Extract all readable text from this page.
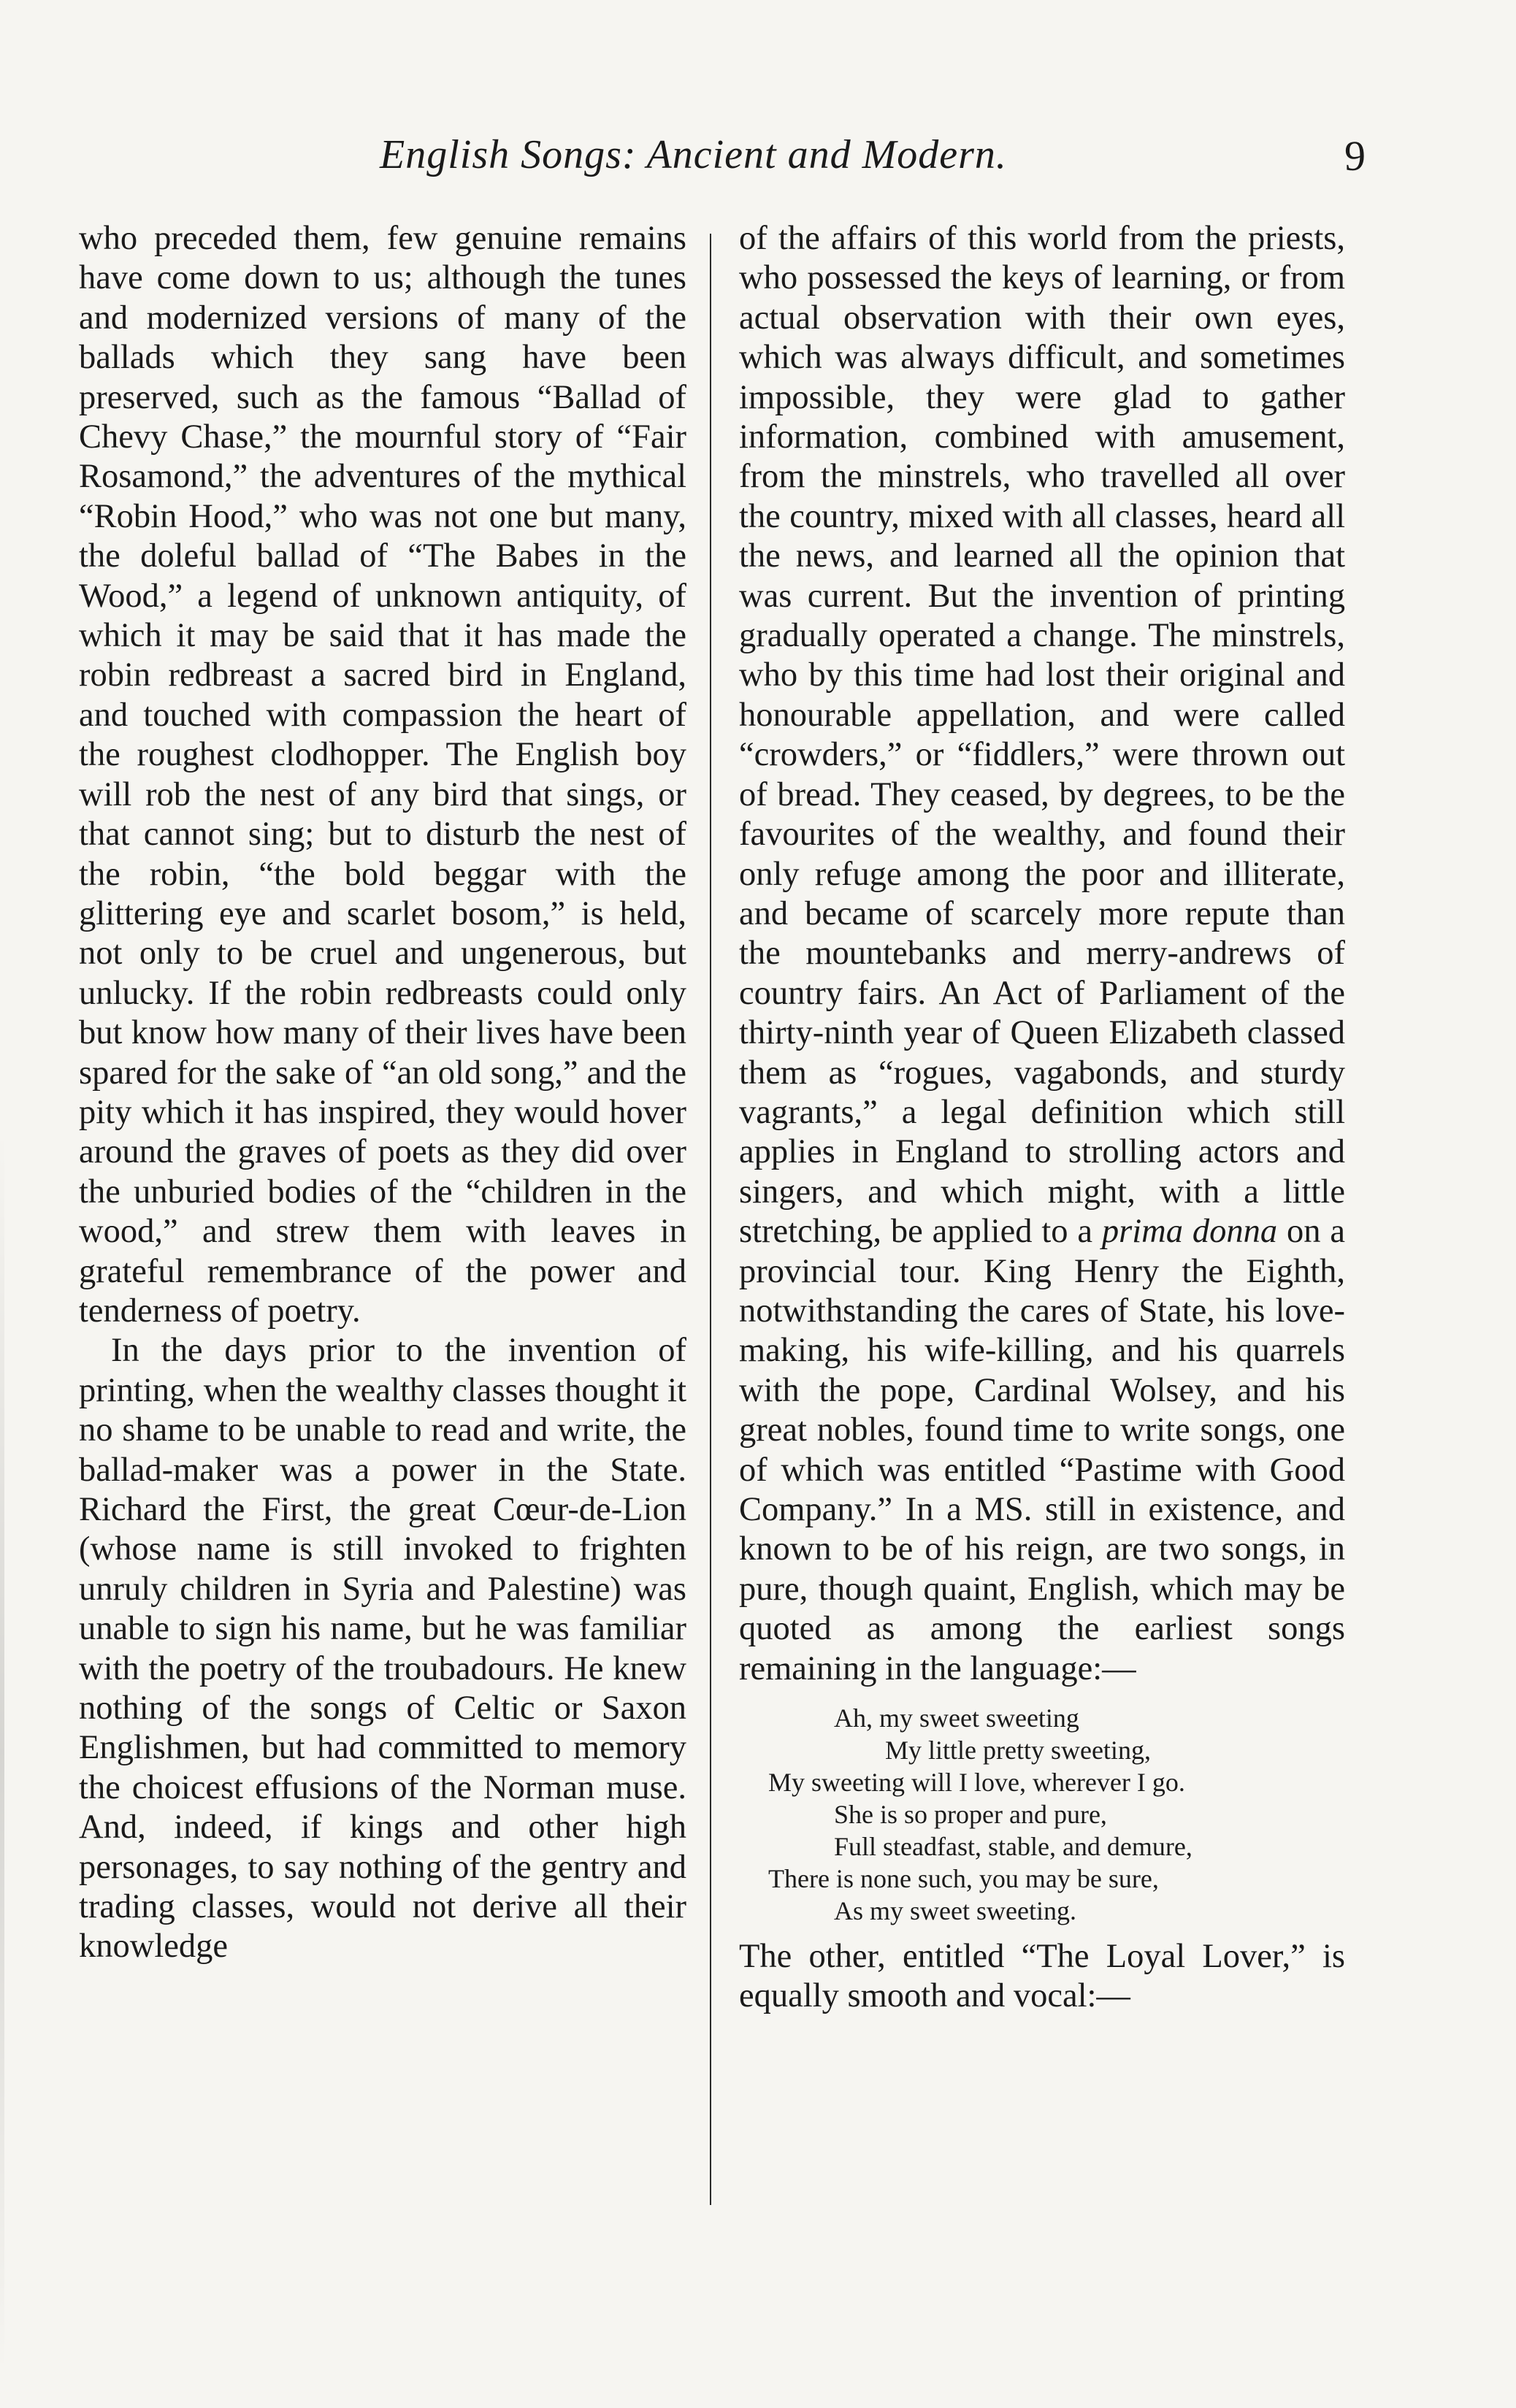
English Songs: Ancient and Modern.	9

who preceded them, few genuine remains have come down to us; although the tunes and modernized versions of many of the ballads which they sang have been preserved, such as the famous “Ballad of Chevy Chase,” the mournful story of “Fair Rosamond,” the adventures of the mythical “Robin Hood,” who was not one but many, the doleful ballad of “The Babes in the Wood,” a legend of unknown antiquity, of which it may be said that it has made the robin redbreast a sacred bird in England, and touched with compassion the heart of the roughest clodhopper. The English boy will rob the nest of any bird that sings, or that cannot sing; but to disturb the nest of the robin, “the bold beggar with the glittering eye and scarlet bosom,” is held, not only to be cruel and ungenerous, but unlucky. If the robin redbreasts could only but know how many of their lives have been spared for the sake of “an old song,” and the pity which it has inspired, they would hover around the graves of poets as they did over the unburied bodies of the “children in the wood,” and strew them with leaves in grateful remembrance of the power and tenderness of poetry.

In the days prior to the invention of printing, when the wealthy classes thought it no shame to be unable to read and write, the ballad-maker was a power in the State. Richard the First, the great Cœur-de-Lion (whose name is still invoked to frighten unruly children in Syria and Palestine) was unable to sign his name, but he was familiar with the poetry of the troubadours. He knew nothing of the songs of Celtic or Saxon Englishmen, but had committed to memory the choicest effusions of the Norman muse. And, indeed, if kings and other high personages, to say nothing of the gentry and trading classes, would not derive all their knowledge

of the affairs of this world from the priests, who possessed the keys of learning, or from actual observation with their own eyes, which was always difficult, and sometimes impossible, they were glad to gather information, combined with amusement, from the minstrels, who travelled all over the country, mixed with all classes, heard all the news, and learned all the opinion that was current. But the invention of printing gradually operated a change. The minstrels, who by this time had lost their original and honourable appellation, and were called “crowders,” or “fiddlers,” were thrown out of bread. They ceased, by degrees, to be the favourites of the wealthy, and found their only refuge among the poor and illiterate, and became of scarcely more repute than the mountebanks and merry-andrews of country fairs. An Act of Parliament of the thirty-ninth year of Queen Elizabeth classed them as “rogues, vagabonds, and sturdy vagrants,” a legal definition which still applies in England to strolling actors and singers, and which might, with a little stretching, be applied to a prima donna on a provincial tour. King Henry the Eighth, notwithstanding the cares of State, his love-making, his wife-killing, and his quarrels with the pope, Cardinal Wolsey, and his great nobles, found time to write songs, one of which was entitled “Pastime with Good Company.” In a MS. still in existence, and known to be of his reign, are two songs, in pure, though quaint, English, which may be quoted as among the earliest songs remaining in the language:—

Ah, my sweet sweeting
My little pretty sweeting,
My sweeting will I love, wherever I go.
She is so proper and pure,
Full steadfast, stable, and demure,
There is none such, you may be sure,
As my sweet sweeting.

The other, entitled “The Loyal Lover,” is equally smooth and vocal:—
